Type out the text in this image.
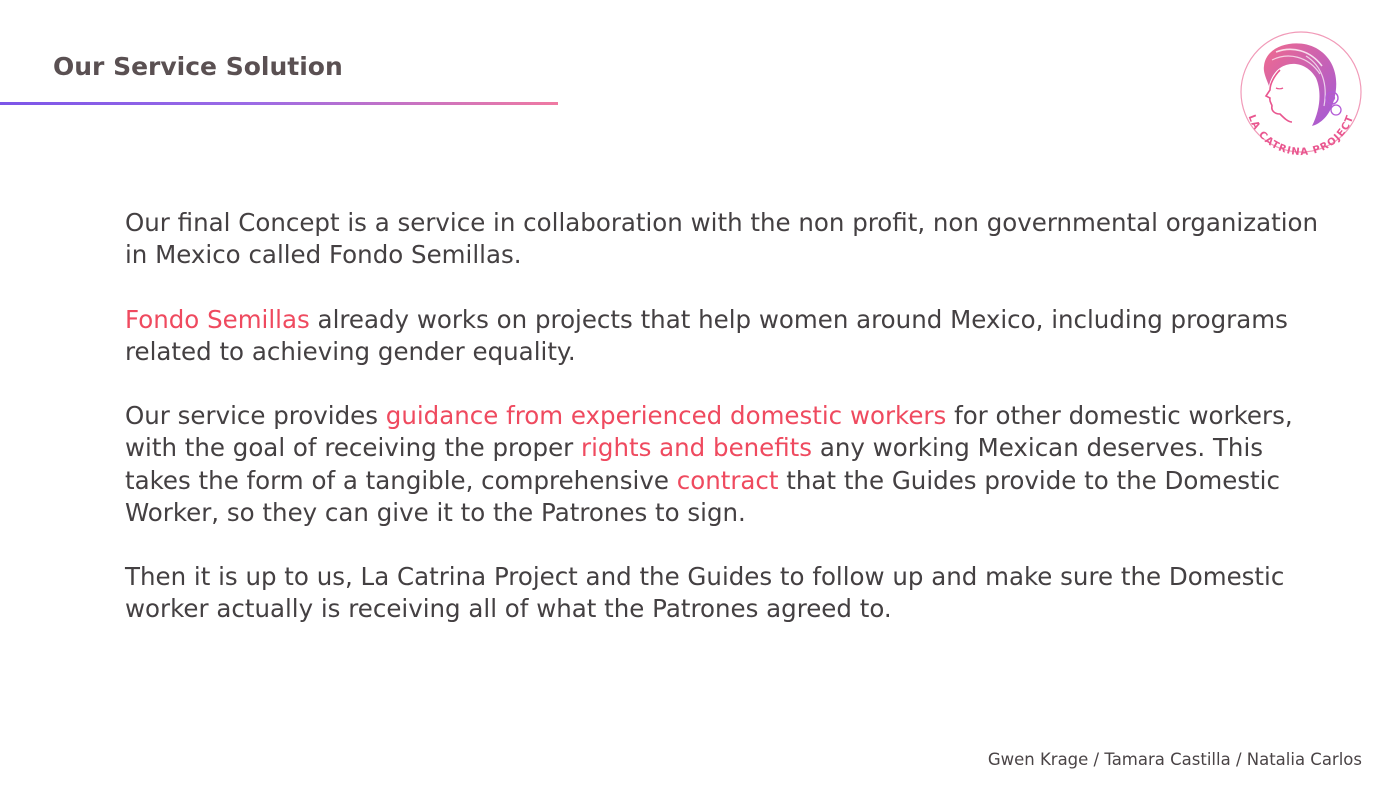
Our Service Solution
LA CATRINA PROJECT

Our final Concept is a service in collaboration with the non profit, non governmental organization in Mexico called Fondo Semillas.

Fondo Semillas already works on projects that help women around Mexico, including programs related to achieving gender equality.

Our service provides guidance from experienced domestic workers for other domestic workers, with the goal of receiving the proper rights and benefits any working Mexican deserves. This takes the form of a tangible, comprehensive contract that the Guides provide to the Domestic Worker, so they can give it to the Patrones to sign.

Then it is up to us, La Catrina Project and the Guides to follow up and make sure the Domestic worker actually is receiving all of what the Patrones agreed to.

Gwen Krage / Tamara Castilla / Natalia Carlos
